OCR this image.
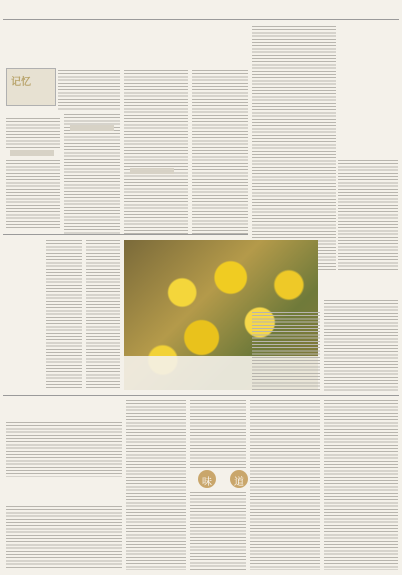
记忆
味 道
